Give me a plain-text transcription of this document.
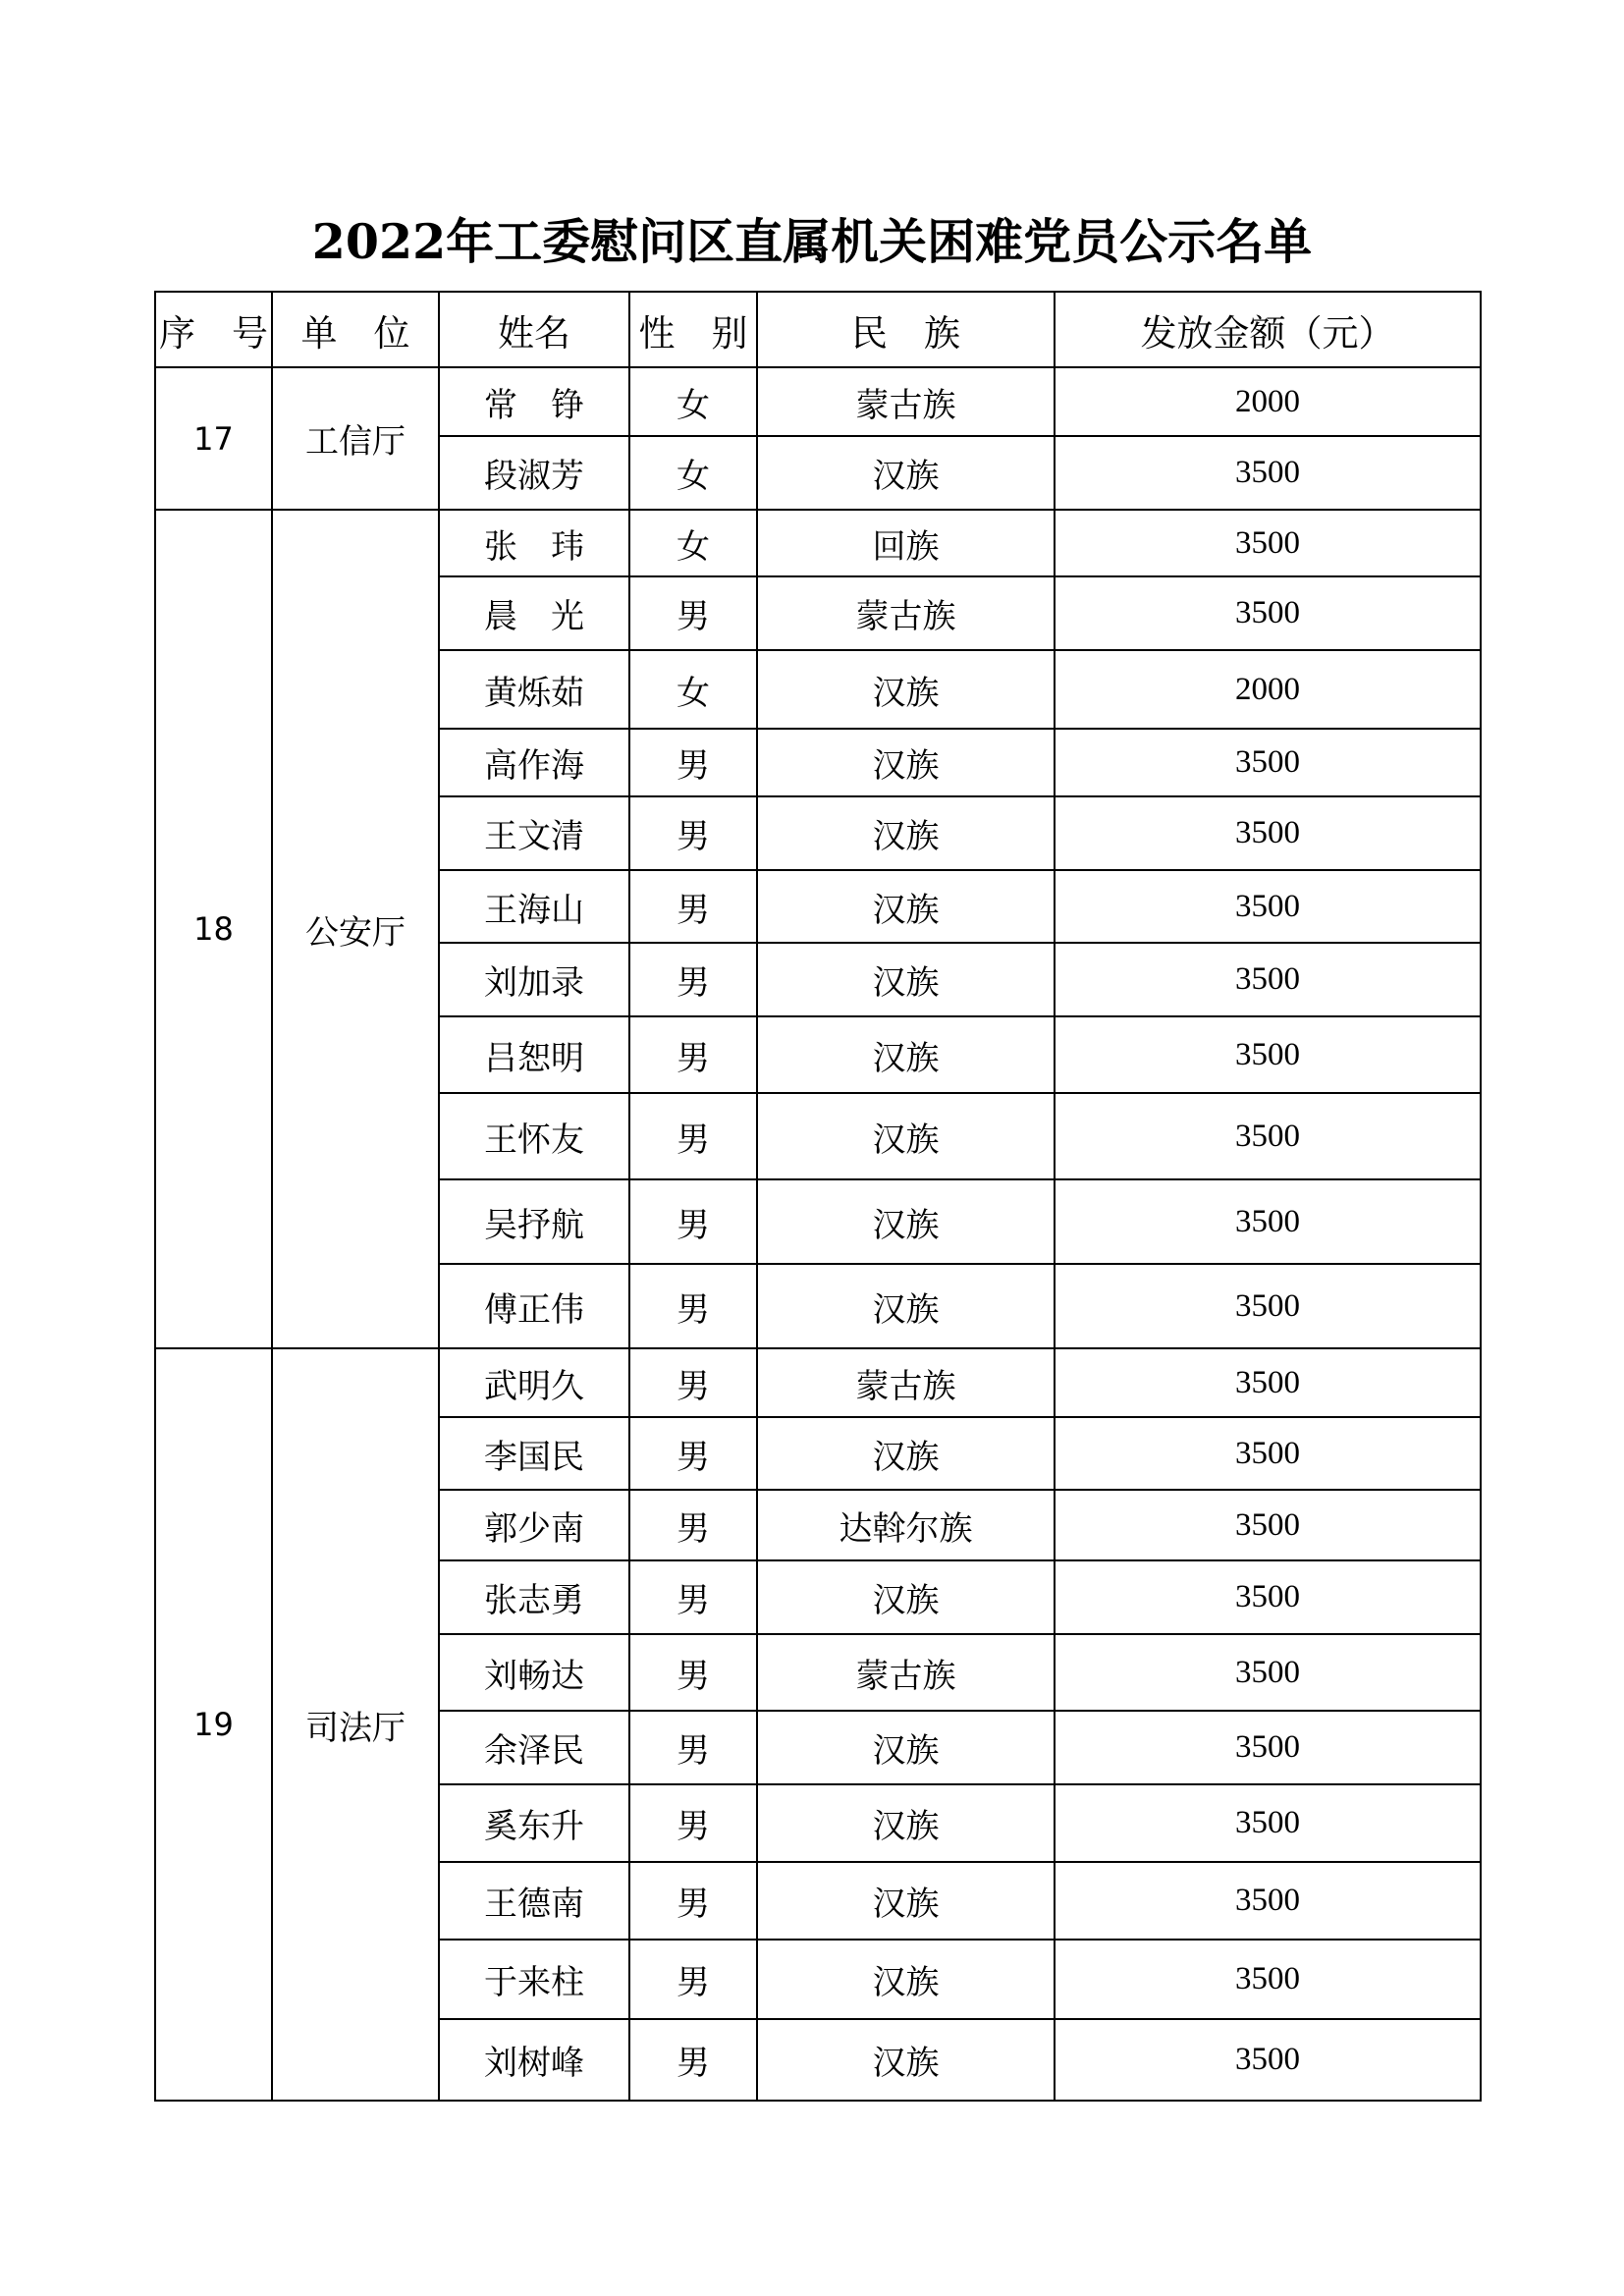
2022年工委慰问区直属机关困难党员公示名单
序　号	单　位	姓名	性　别	民　族	发放金额（元）
17	工信厅	常　铮	女	蒙古族	2000
		段淑芳	女	汉族	3500
18	公安厅	张　玮	女	回族	3500
		晨　光	男	蒙古族	3500
		黄烁茹	女	汉族	2000
		高作海	男	汉族	3500
		王文清	男	汉族	3500
		王海山	男	汉族	3500
		刘加录	男	汉族	3500
		吕恕明	男	汉族	3500
		王怀友	男	汉族	3500
		吴抒航	男	汉族	3500
		傅正伟	男	汉族	3500
19	司法厅	武明久	男	蒙古族	3500
		李国民	男	汉族	3500
		郭少南	男	达斡尔族	3500
		张志勇	男	汉族	3500
		刘畅达	男	蒙古族	3500
		余泽民	男	汉族	3500
		奚东升	男	汉族	3500
		王德南	男	汉族	3500
		于来柱	男	汉族	3500
		刘树峰	男	汉族	3500
